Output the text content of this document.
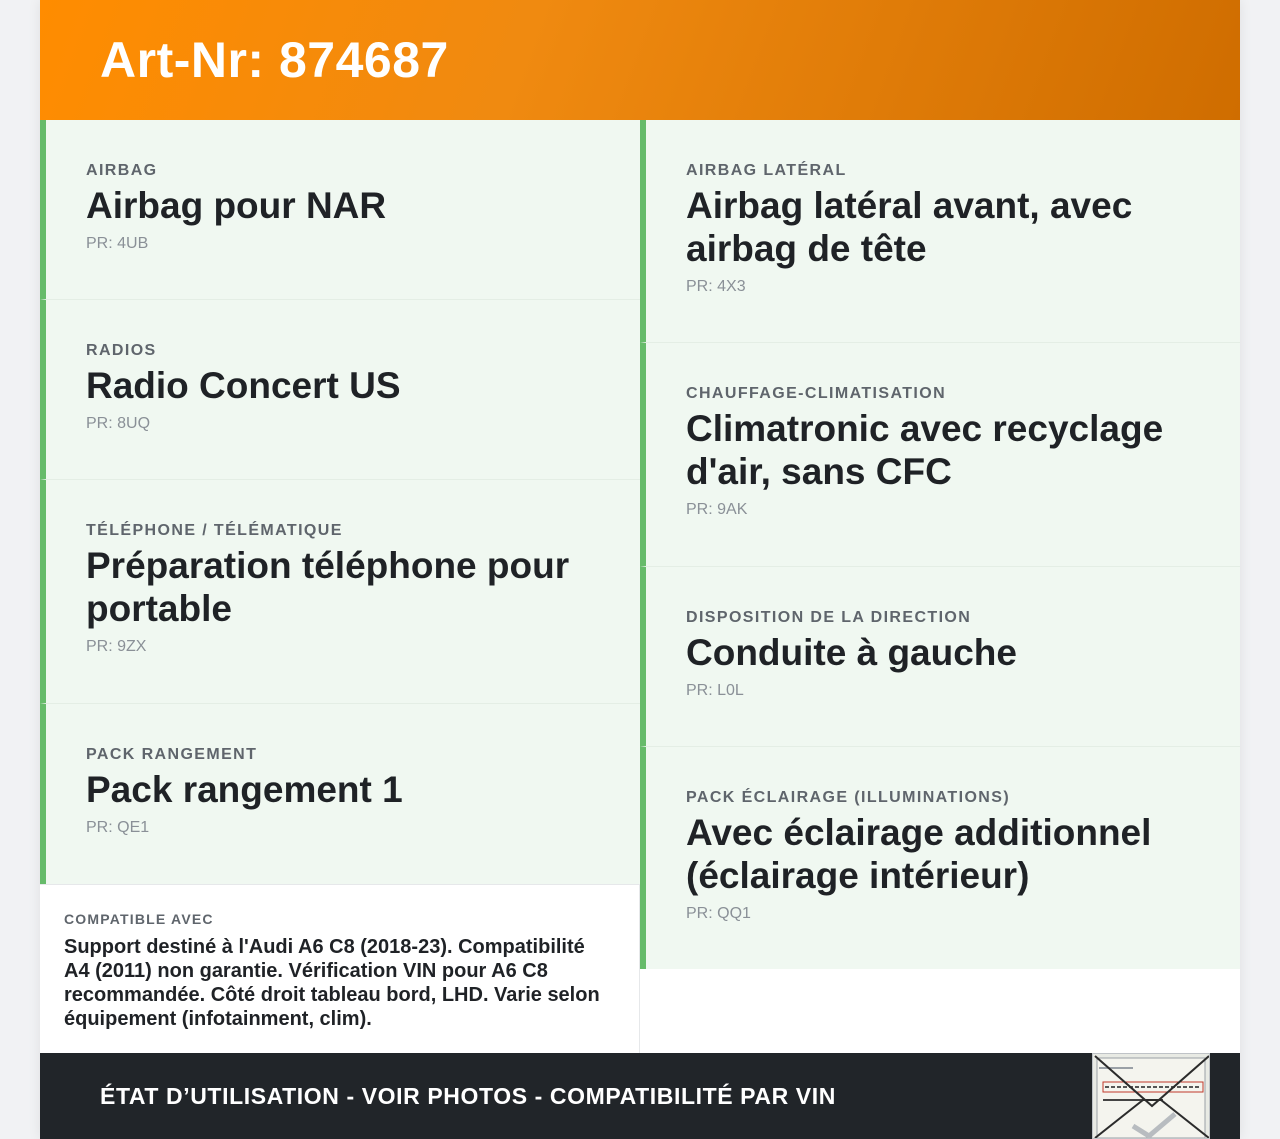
Art-Nr: 874687

AIRBAG

Airbag pour NAR
PR: 4UB

RADIOS

Radio Concert US
PR: 8UQ

TÉLÉPHONE / TÉLÉMATIQUE

Préparation téléphone pour portable
PR: 9ZX

PACK RANGEMENT

Pack rangement 1
PR: QE1

COMPATIBLE AVEC

Support destiné à l'Audi A6 C8 (2018-23). Compatibilité A4 (2011) non garantie. Vérification VIN pour A6 C8 recommandée. Côté droit tableau bord, LHD. Varie selon équipement (infotainment, clim).

AIRBAG LATÉRAL

Airbag latéral avant, avec airbag de tête
PR: 4X3

CHAUFFAGE-CLIMATISATION

Climatronic avec recyclage d'air, sans CFC
PR: 9AK

DISPOSITION DE LA DIRECTION

Conduite à gauche
PR: L0L

PACK ÉCLAIRAGE (ILLUMINATIONS)

Avec éclairage additionnel (éclairage intérieur)
PR: QQ1
ÉTAT D’UTILISATION - VOIR PHOTOS - COMPATIBILITÉ PAR VIN
